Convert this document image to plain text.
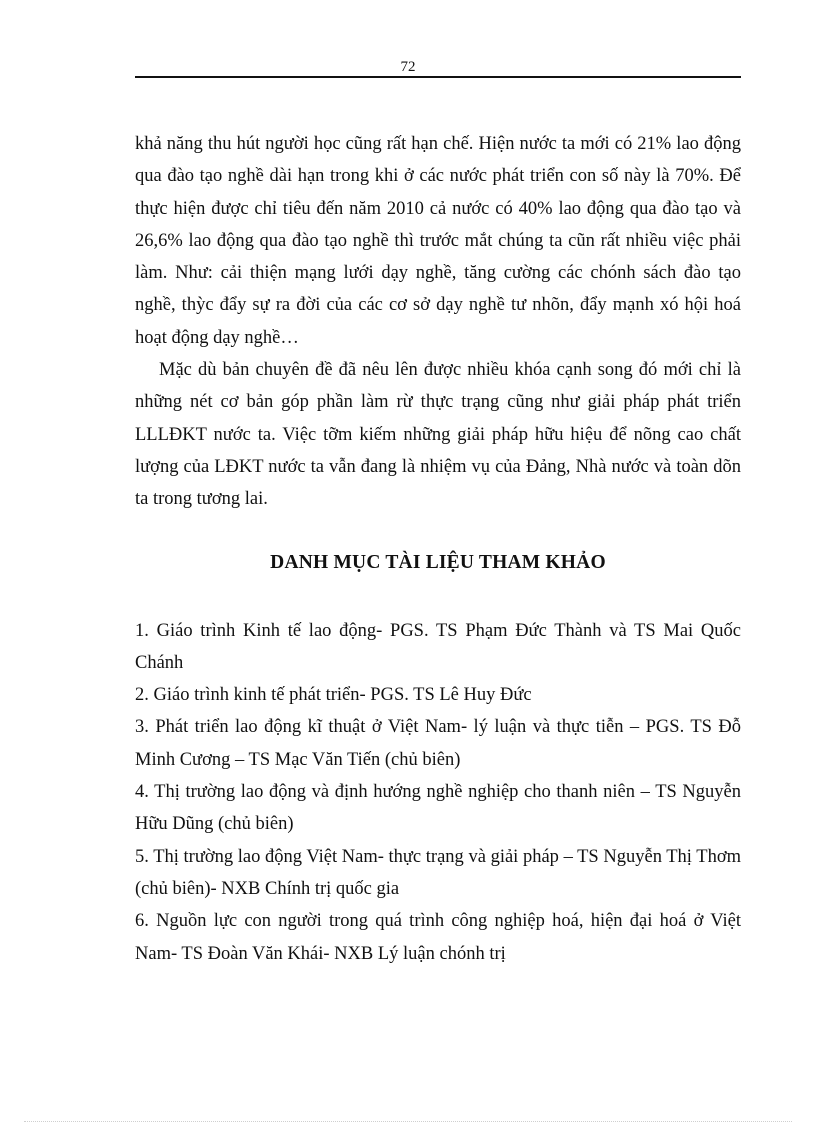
72

khả năng thu hút người học cũng rất hạn chế. Hiện nước ta mới có 21% lao động qua đào tạo nghề dài hạn trong khi ở các nước phát triển con số này là 70%. Để thực hiện được chỉ tiêu đến năm 2010 cả nước có 40% lao động qua đào tạo và 26,6% lao động qua đào tạo nghề thì trước mắt chúng ta cũn rất nhiều việc phải làm. Như: cải thiện mạng lưới dạy nghề, tăng cường các chónh sách đào tạo nghề, thỳc đẩy sự ra đời của các cơ sở dạy nghề tư nhõn, đẩy mạnh xó hội hoá hoạt động dạy nghề…

Mặc dù bản chuyên đề đã nêu lên được nhiều khóa cạnh song đó mới chỉ là những nét cơ bản góp phần làm rừ thực trạng cũng như giải pháp phát triển LLLĐKT nước ta. Việc tỡm kiếm những giải pháp hữu hiệu để nõng cao chất lượng của LĐKT nước ta vẫn đang là nhiệm vụ của Đảng, Nhà nước và toàn dõn ta trong tương lai.

DANH MỤC TÀI LIỆU THAM KHẢO
1. Giáo trình Kinh tế lao động- PGS. TS Phạm Đức Thành và TS Mai Quốc Chánh
2. Giáo trình kinh tế phát triển- PGS. TS Lê Huy Đức
3. Phát triển lao động kĩ thuật ở Việt Nam- lý luận và thực tiễn – PGS. TS Đỗ Minh Cương – TS Mạc Văn Tiến (chủ biên)
4. Thị trường lao động và định hướng nghề nghiệp cho thanh niên – TS Nguyễn Hữu Dũng (chủ biên)
5. Thị trường lao động Việt Nam- thực trạng và giải pháp – TS Nguyễn Thị Thơm (chủ biên)- NXB Chính trị quốc gia
6. Nguồn lực con người trong quá trình công nghiệp hoá, hiện đại hoá ở Việt Nam- TS Đoàn Văn Khái- NXB Lý luận chónh trị
